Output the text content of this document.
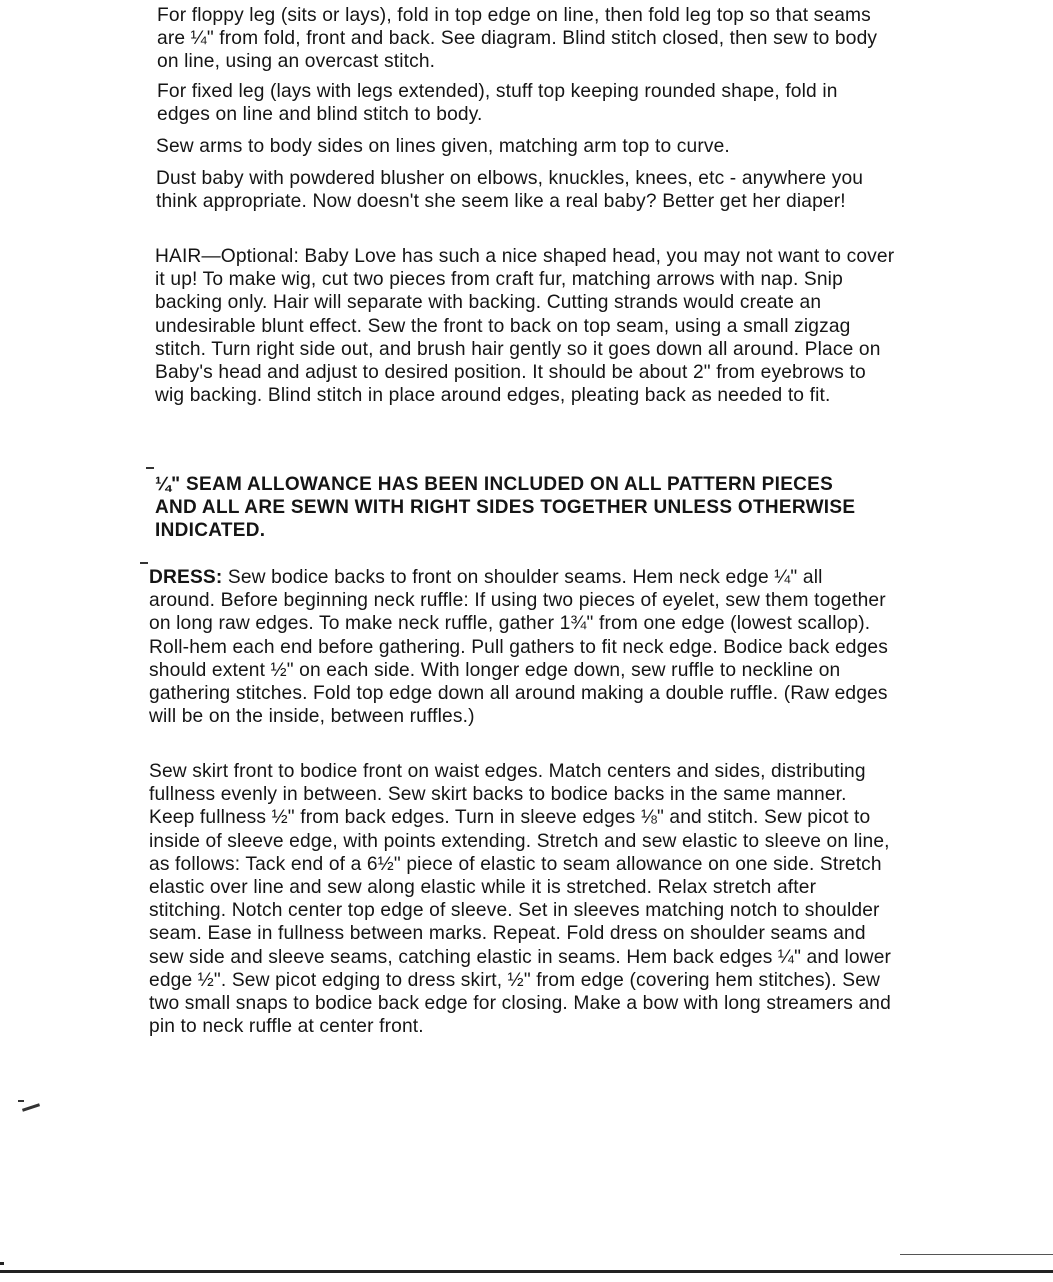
For floppy leg (sits or lays), fold in top edge on line, then fold leg top so that seams are ¼" from fold, front and back. See diagram. Blind stitch closed, then sew to body on line, using an overcast stitch.

For fixed leg (lays with legs extended), stuff top keeping rounded shape, fold in edges on line and blind stitch to body.

Sew arms to body sides on lines given, matching arm top to curve.

Dust baby with powdered blusher on elbows, knuckles, knees, etc - anywhere you think appropriate. Now doesn't she seem like a real baby? Better get her diaper!

HAIR—Optional: Baby Love has such a nice shaped head, you may not want to cover it up! To make wig, cut two pieces from craft fur, matching arrows with nap. Snip backing only. Hair will separate with backing. Cutting strands would create an undesirable blunt effect. Sew the front to back on top seam, using a small zigzag stitch. Turn right side out, and brush hair gently so it goes down all around. Place on Baby's head and adjust to desired position. It should be about 2" from eyebrows to wig backing. Blind stitch in place around edges, pleating back as needed to fit.

¼" SEAM ALLOWANCE HAS BEEN INCLUDED ON ALL PATTERN PIECES AND ALL ARE SEWN WITH RIGHT SIDES TOGETHER UNLESS OTHERWISE INDICATED.

DRESS: Sew bodice backs to front on shoulder seams. Hem neck edge ¼" all around. Before beginning neck ruffle: If using two pieces of eyelet, sew them together on long raw edges. To make neck ruffle, gather 1¾" from one edge (lowest scallop). Roll-hem each end before gathering. Pull gathers to fit neck edge. Bodice back edges should extent ½" on each side. With longer edge down, sew ruffle to neckline on gathering stitches. Fold top edge down all around making a double ruffle. (Raw edges will be on the inside, between ruffles.)

Sew skirt front to bodice front on waist edges. Match centers and sides, distributing fullness evenly in between. Sew skirt backs to bodice backs in the same manner. Keep fullness ½" from back edges. Turn in sleeve edges ⅛" and stitch. Sew picot to inside of sleeve edge, with points extending. Stretch and sew elastic to sleeve on line, as follows: Tack end of a 6½" piece of elastic to seam allowance on one side. Stretch elastic over line and sew along elastic while it is stretched. Relax stretch after stitching. Notch center top edge of sleeve. Set in sleeves matching notch to shoulder seam. Ease in fullness between marks. Repeat. Fold dress on shoulder seams and sew side and sleeve seams, catching elastic in seams. Hem back edges ¼" and lower edge ½". Sew picot edging to dress skirt, ½" from edge (covering hem stitches). Sew two small snaps to bodice back edge for closing. Make a bow with long streamers and pin to neck ruffle at center front.
